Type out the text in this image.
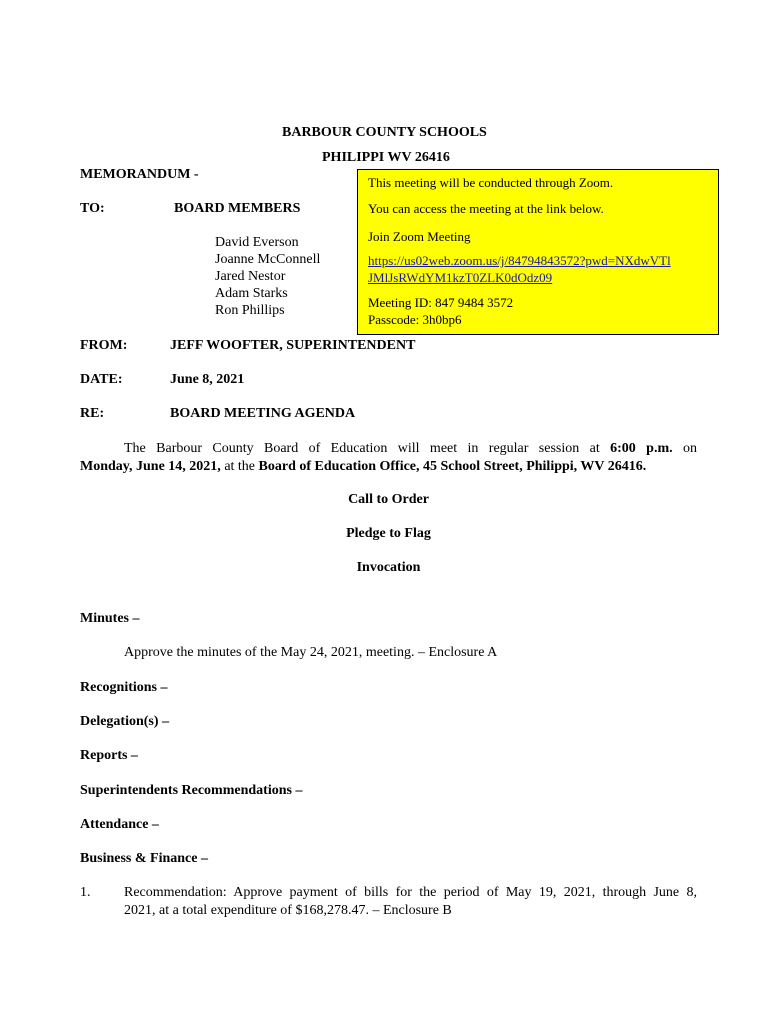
BARBOUR COUNTY SCHOOLS
PHILIPPI WV 26416
MEMORANDUM -
This meeting will be conducted through Zoom.
You can access the meeting at the link below.
Join Zoom Meeting
https://us02web.zoom.us/j/84794843572?pwd=NXdwVTl
JMlJsRWdYM1kzT0ZLK0dOdz09
Meeting ID: 847 9484 3572
Passcode: 3h0bp6
TO:	BOARD MEMBERS
David Everson
Joanne McConnell
Jared Nestor
Adam Starks
Ron Phillips
FROM:	JEFF WOOFTER, SUPERINTENDENT
DATE:	June 8, 2021
RE:	BOARD MEETING AGENDA
The Barbour County Board of Education will meet in regular session at 6:00 p.m. on
Monday, June 14, 2021, at the Board of Education Office, 45 School Street, Philippi, WV 26416.
Call to Order
Pledge to Flag
Invocation
Minutes –
Approve the minutes of the May 24, 2021, meeting. – Enclosure A
Recognitions –
Delegation(s) –
Reports –
Superintendents Recommendations –
Attendance –
Business & Finance –
1. Recommendation: Approve payment of bills for the period of May 19, 2021, through June 8,
2021, at a total expenditure of $168,278.47. – Enclosure B
